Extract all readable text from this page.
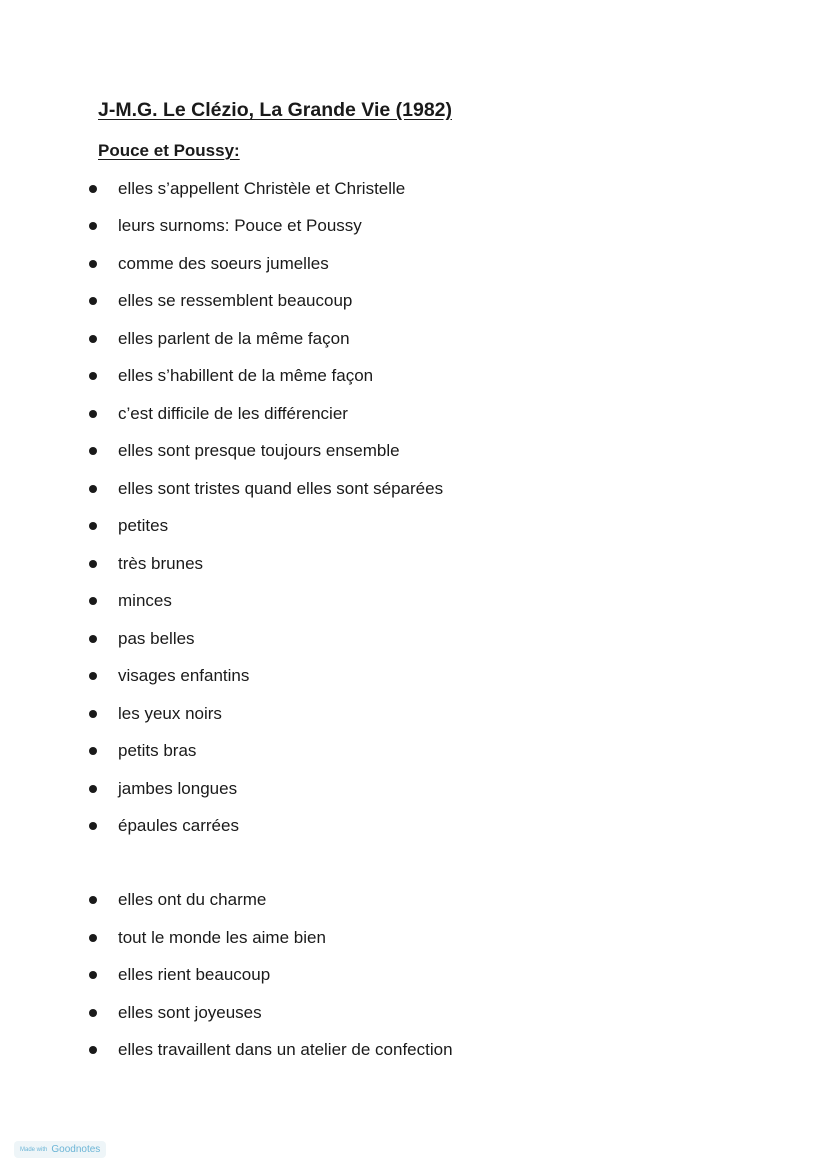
J-M.G. Le Clézio, La Grande Vie (1982)
Pouce et Poussy:
elles s’appellent Christèle et Christelle
leurs surnoms: Pouce et Poussy
comme des soeurs jumelles
elles se ressemblent beaucoup
elles parlent de la même façon
elles s’habillent de la même façon
c’est difficile de les différencier
elles sont presque toujours ensemble
elles sont tristes quand elles sont séparées
petites
très brunes
minces
pas belles
visages enfantins
les yeux noirs
petits bras
jambes longues
épaules carrées
elles ont du charme
tout le monde les aime bien
elles rient beaucoup
elles sont joyeuses
elles travaillent dans un atelier de confection
Made with Goodnotes
